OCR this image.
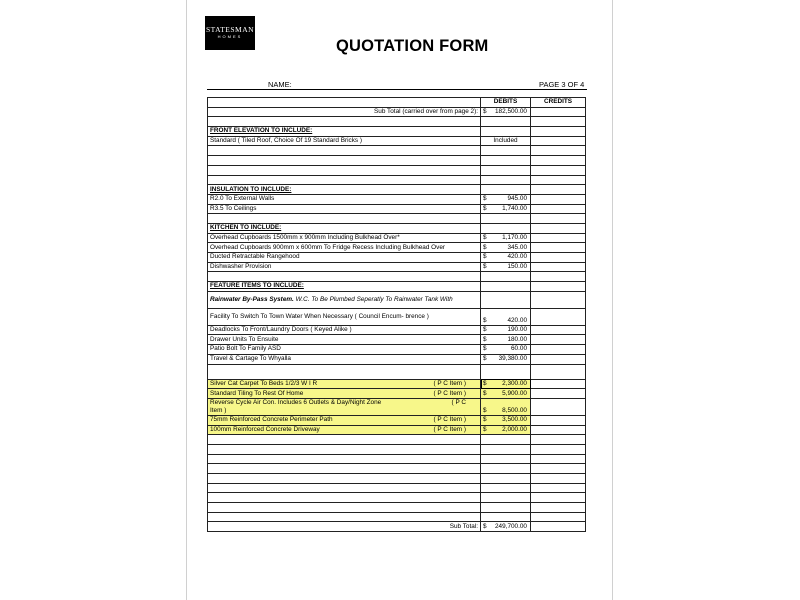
STATESMAN
HOMES
QUOTATION FORM
NAME:	PAGE 3 OF 4
	DEBITS	CREDITS
Sub Total (carried over from page 2):	$ 182,500.00	

FRONT ELEVATION TO INCLUDE:		
Standard ( Tiled Roof, Choice Of 19 Standard Bricks )	Included	

INSULATION TO INCLUDE:		
R2.0 To External Walls	$ 945.00	

R3.5 To Ceilings	$ 1,740.00	

KITCHEN TO INCLUDE:		
Overhead Cupboards 1500mm x 900mm Including Bulkhead Over*	$ 1,170.00	

Overhead Cupboards 900mm x 600mm To Fridge Recess Including Bulkhead Over	$ 345.00	

Ducted Retractable Rangehood	$ 420.00	

Dishwasher Provision	$ 150.00	

FEATURE ITEMS TO INCLUDE:		
Rainwater By-Pass System. W.C. To Be Plumbed Seperatly To Rainwater Tank With		
Facility To Switch To Town Water When Necessary ( Council Encum- brence )	$ 420.00	

Deadlocks To Front/Laundry Doors ( Keyed Alike )	$ 190.00	

Drawer Units To Ensuite	$ 180.00	

Patio Bolt To Family ASD	$ 60.00	

Travel & Cartage To Whyalla	$ 39,380.00	

Silver Cat Carpet To Beds 1/2/3 W I R ( P C Item )	$ 2,300.00	

Standard Tiling To Rest Of Home ( P C Item )	$ 5,900.00	

Reverse Cycle Air Con. Includes 6 Outlets & Day/Night Zone ( P C

Item )	$ 8,500.00	

75mm Reinforced Concrete Perimeter Path ( P C Item )	$ 3,500.00	

100mm Reinforced Concrete Driveway ( P C Item )	$ 2,000.00	

Sub Total:	$ 249,700.00	
